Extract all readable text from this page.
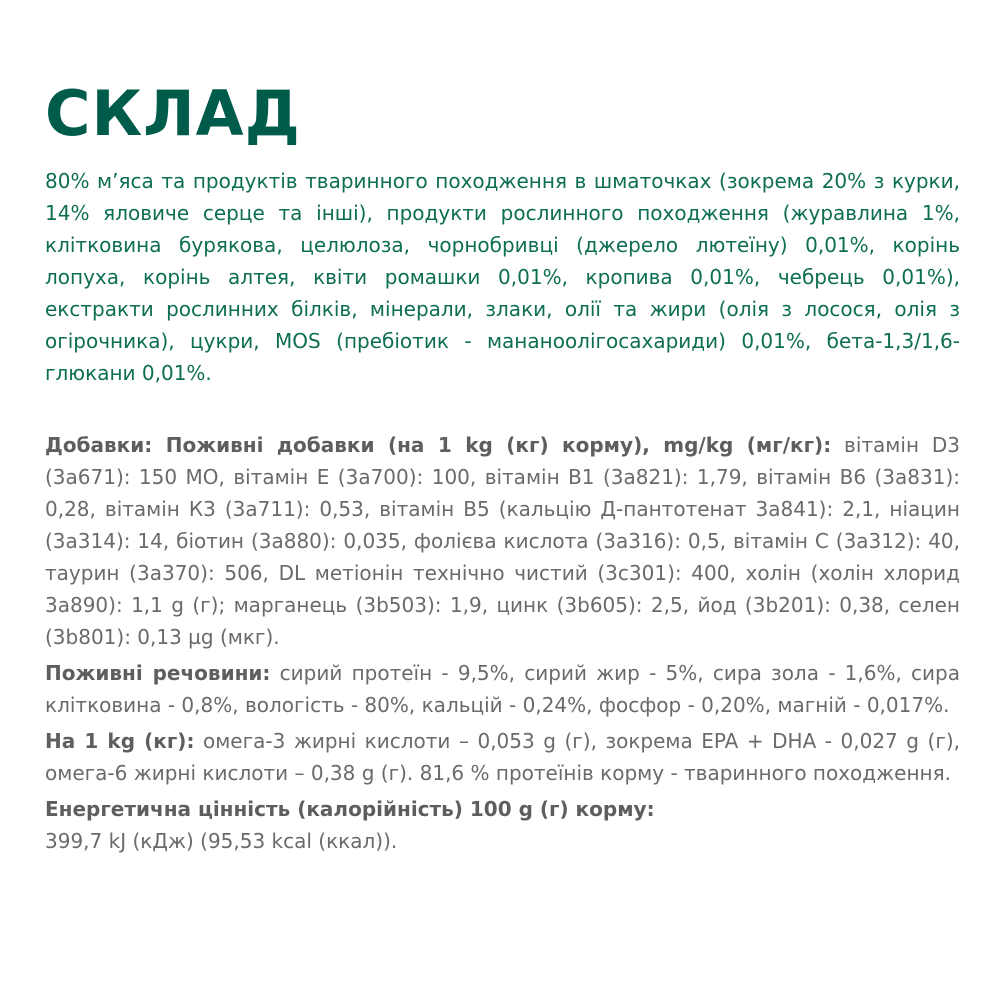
СКЛАД

80% м’яса та продуктів тваринного походження в шматочках (зокрема 20% з курки, 14% яловиче серце та інші), продукти рослинного походження (журавлина 1%, клітковина бурякова, целюлоза, чорнобривці (джерело лютеїну) 0,01%, корінь лопуха, корінь алтея, квіти ромашки 0,01%, кропива 0,01%, чебрець 0,01%), екстракти рослинних білків, мінерали, злаки, олії та жири (олія з лосося, олія з огірочника), цукри, MOS (пребіотик - мананоолігосахариди) 0,01%, бета-1,3/1,6-глюкани 0,01%.

Добавки: Поживні добавки (на 1 kg (кг) корму), mg/kg (мг/кг): вітамін D3 (3a671): 150 МО, вітамін Е (3a700): 100, вітамін B1 (3a821): 1,79, вітамін В6 (3a831): 0,28, вітамін К3 (3a711): 0,53, вітамін В5 (кальцію Д-пантотенат 3a841): 2,1, ніацин (3a314): 14, біотин (3a880): 0,035, фолієва кислота (3a316): 0,5, вітамін С (3a312): 40, таурин (3a370): 506, DL метіонін технічно чистий (3c301): 400, холін (холін хлорид 3a890): 1,1 g (г); марганець (3b503): 1,9, цинк (3b605): 2,5, йод (3b201): 0,38, селен (3b801): 0,13 µg (мкг).

Поживні речовини: сирий протеїн - 9,5%, сирий жир - 5%, сира зола - 1,6%, сира клітковина - 0,8%, вологість - 80%, кальцій - 0,24%, фосфор - 0,20%, магній - 0,017%.

На 1 kg (кг): омега-3 жирні кислоти – 0,053 g (г), зокрема EPA + DHA - 0,027 g (г), омега-6 жирні кислоти – 0,38 g (г). 81,6 % протеїнів корму - тваринного походження.

Енергетична цінність (калорійність) 100 g (г) корму:
399,7 kJ (кДж) (95,53 kcal (ккал)).
